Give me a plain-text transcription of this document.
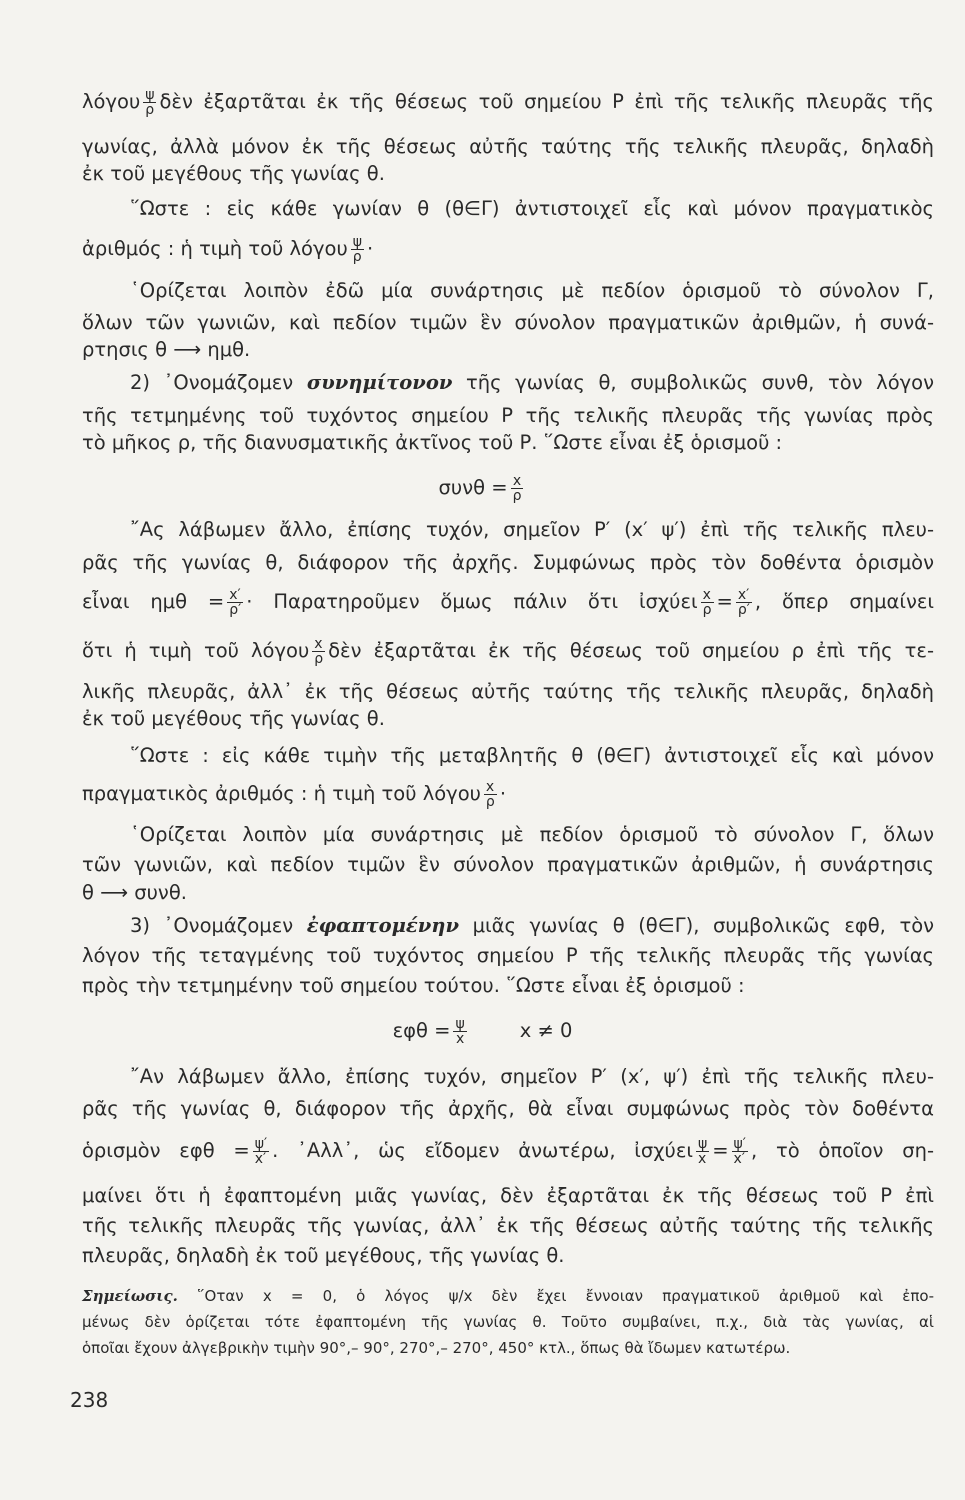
λόγου $\frac{\psi}{\rho}$ δὲν ἐξαρτᾶται ἐκ τῆς θέσεως τοῦ σημείου Ρ ἐπὶ τῆς τελικῆς πλευρᾶς τῆς
γωνίας, ἀλλὰ μόνον ἐκ τῆς θέσεως αὐτῆς ταύτης τῆς τελικῆς πλευρᾶς, δηλαδὴ
ἐκ τοῦ μεγέθους τῆς γωνίας θ.
῞Ωστε : εἰς κάθε γωνίαν θ (θ∈Γ) ἀντιστοιχεῖ εἷς καὶ μόνον πραγματικὸς
ἀριθμός : ἡ τιμὴ τοῦ λόγου $\frac{\psi}{\rho}$ ·
῾Ορίζεται λοιπὸν ἐδῶ μία συνάρτησις μὲ πεδίον ὁρισμοῦ τὸ σύνολον Γ,
ὅλων τῶν γωνιῶν, καὶ πεδίον τιμῶν ἓν σύνολον πραγματικῶν ἀριθμῶν, ἡ συνά-
ρτησις θ ⟶ ημθ.
2) ᾿Ονομάζομεν συνημίτονον τῆς γωνίας θ, συμβολικῶς συνθ, τὸν λόγον
τῆς τετμημένης τοῦ τυχόντος σημείου Ρ τῆς τελικῆς πλευρᾶς τῆς γωνίας πρὸς
τὸ μῆκος ρ, τῆς διανυσματικῆς ἀκτῖνος τοῦ Ρ. ῞Ωστε εἶναι ἐξ ὁρισμοῦ :
$\sigma\upsilon\nu\theta = \frac{x}{\rho}$
῎Ας λάβωμεν ἄλλο, ἐπίσης τυχόν, σημεῖον Ρ′ (x′ ψ′) ἐπὶ τῆς τελικῆς πλευ-
ρᾶς τῆς γωνίας θ, διάφορον τῆς ἀρχῆς. Συμφώνως πρὸς τὸν δοθέντα ὁρισμὸν
εἶναι $\eta\mu\theta = \frac{x'}{\rho'}$ · Παρατηροῦμεν ὅμως πάλιν ὅτι ἰσχύει $\frac{x}{\rho} = \frac{x'}{\rho'}$ , ὅπερ σημαίνει
ὅτι ἡ τιμὴ τοῦ λόγου $\frac{x}{\rho}$ δὲν ἐξαρτᾶται ἐκ τῆς θέσεως τοῦ σημείου ρ ἐπὶ τῆς τε-
λικῆς πλευρᾶς, ἀλλ᾽ ἐκ τῆς θέσεως αὐτῆς ταύτης τῆς τελικῆς πλευρᾶς, δηλαδὴ
ἐκ τοῦ μεγέθους τῆς γωνίας θ.
῞Ωστε : εἰς κάθε τιμὴν τῆς μεταβλητῆς θ (θ∈Γ) ἀντιστοιχεῖ εἷς καὶ μόνον
πραγματικὸς ἀριθμός : ἡ τιμὴ τοῦ λόγου $\frac{x}{\rho}$ ·
῾Ορίζεται λοιπὸν μία συνάρτησις μὲ πεδίον ὁρισμοῦ τὸ σύνολον Γ, ὅλων
τῶν γωνιῶν, καὶ πεδίον τιμῶν ἓν σύνολον πραγματικῶν ἀριθμῶν, ἡ συνάρτησις
θ ⟶ συνθ.
3) ᾿Ονομάζομεν ἐφαπτομένην μιᾶς γωνίας θ (θ∈Γ), συμβολικῶς εφθ, τὸν
λόγον τῆς τεταγμένης τοῦ τυχόντος σημείου Ρ τῆς τελικῆς πλευρᾶς τῆς γωνίας
πρὸς τὴν τετμημένην τοῦ σημείου τούτου. ῞Ωστε εἶναι ἐξ ὁρισμοῦ :
$\varepsilon\varphi\theta = \frac{\psi}{x}$	x ≠ 0
῎Αν λάβωμεν ἄλλο, ἐπίσης τυχόν, σημεῖον Ρ′ (x′, ψ′) ἐπὶ τῆς τελικῆς πλευ-
ρᾶς τῆς γωνίας θ, διάφορον τῆς ἀρχῆς, θὰ εἶναι συμφώνως πρὸς τὸν δοθέντα
ὁρισμὸν $\varepsilon\varphi\theta = \frac{\psi'}{x'}$ . ᾿Αλλ᾽, ὡς εἴδομεν ἀνωτέρω, ἰσχύει $\frac{\psi}{x} = \frac{\psi'}{x'}$ , τὸ ὁποῖον ση-
μαίνει ὅτι ἡ ἐφαπτομένη μιᾶς γωνίας, δὲν ἐξαρτᾶται ἐκ τῆς θέσεως τοῦ Ρ ἐπὶ
τῆς τελικῆς πλευρᾶς τῆς γωνίας, ἀλλ᾽ ἐκ τῆς θέσεως αὐτῆς ταύτης τῆς τελικῆς
πλευρᾶς, δηλαδὴ ἐκ τοῦ μεγέθους, τῆς γωνίας θ.
Σημείωσις. ῞Οταν x = 0, ὁ λόγος ψ/x δὲν ἔχει ἔννοιαν πραγματικοῦ ἀριθμοῦ καὶ ἐπο-
μένως δὲν ὁρίζεται τότε ἐφαπτομένη τῆς γωνίας θ. Τοῦτο συμβαίνει, π.χ., διὰ τὰς γωνίας, αἱ
ὁποῖαι ἔχουν ἀλγεβρικὴν τιμὴν 90°,– 90°, 270°,– 270°, 450° κτλ., ὅπως θὰ ἴδωμεν κατωτέρω.
238
